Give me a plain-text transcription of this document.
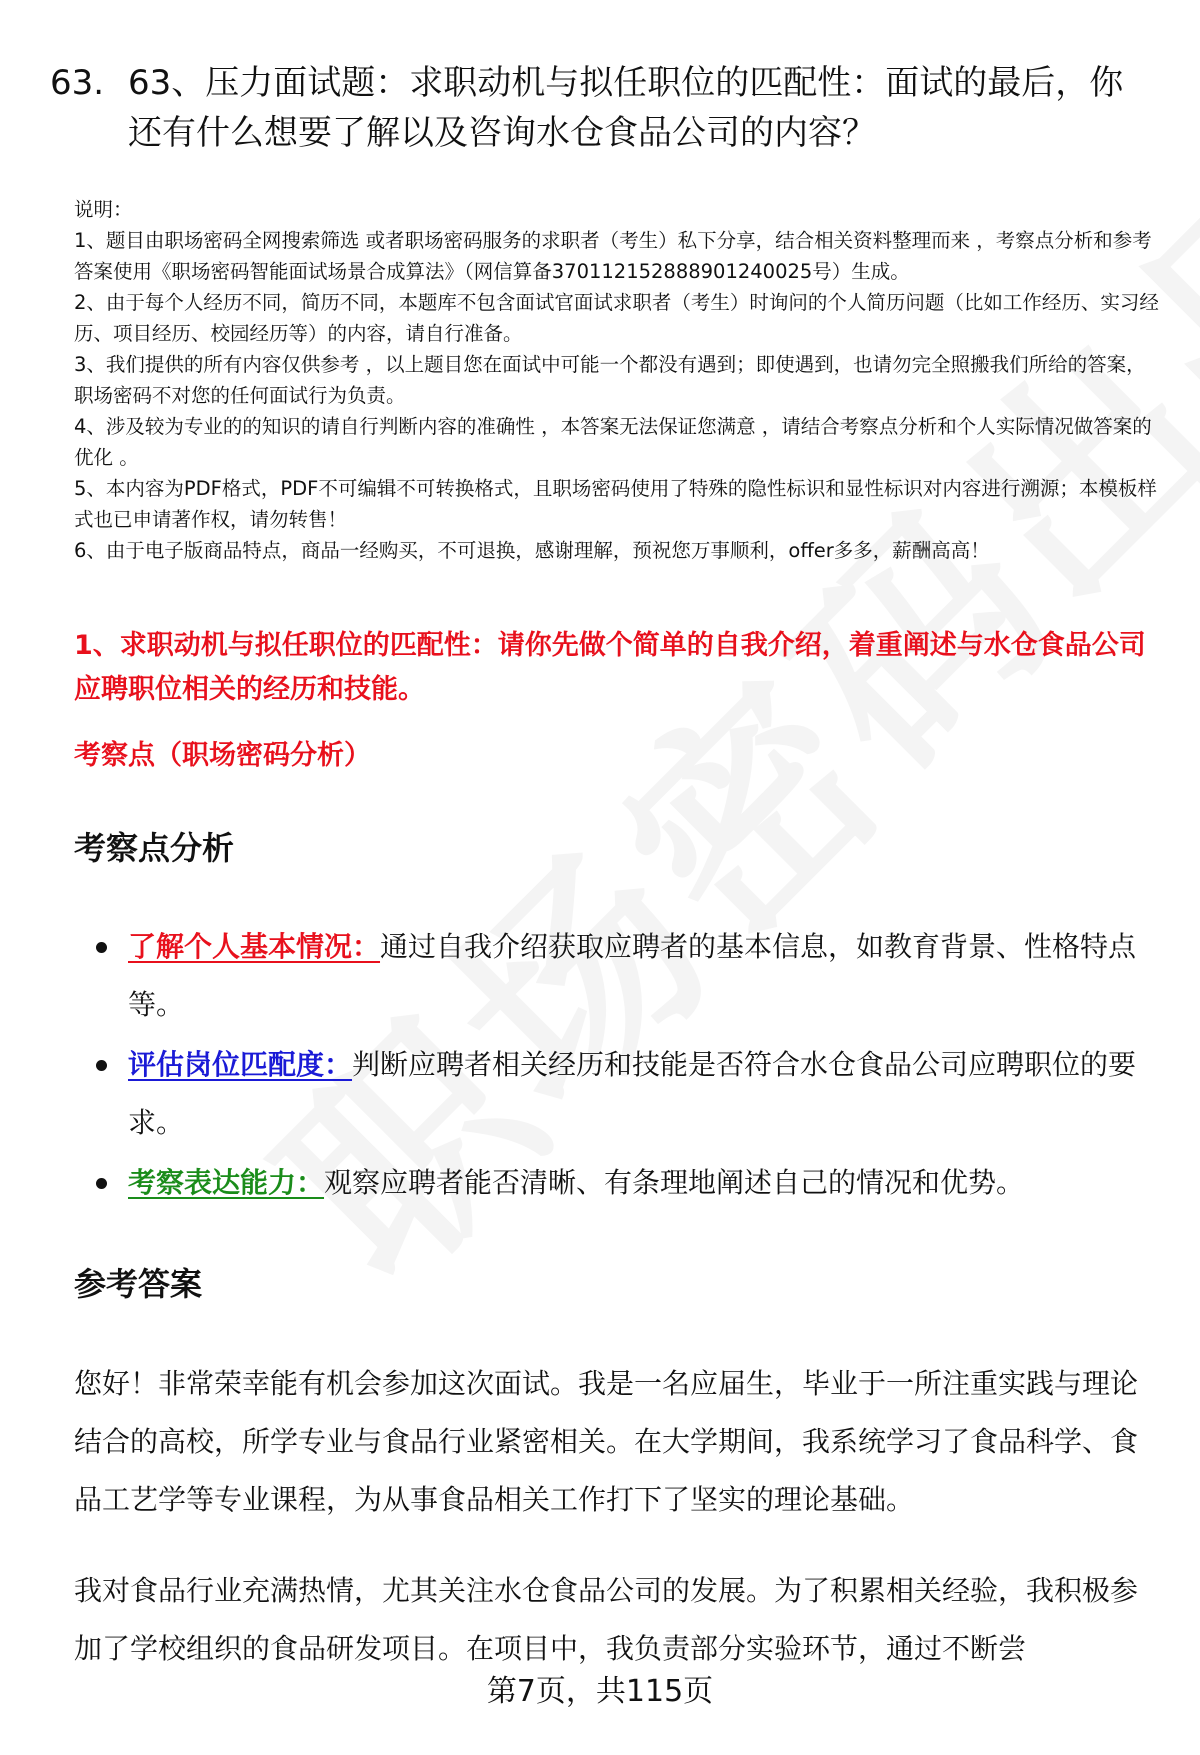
63. 63、压力面试题：求职动机与拟任职位的匹配性：面试的最后，你还有什么想要了解以及咨询水仓食品公司的内容？
说明：
1、题目由职场密码全网搜索筛选 或者职场密码服务的求职者（考生）私下分享，结合相关资料整理而来 ，考察点分析和参考答案使用《职场密码智能面试场景合成算法》（网信算备370112152888901240025号）生成。
2、由于每个人经历不同，简历不同，本题库不包含面试官面试求职者（考生）时询问的个人简历问题（比如工作经历、实习经历、项目经历、校园经历等）的内容，请自行准备。
3、我们提供的所有内容仅供参考 ，以上题目您在面试中可能一个都没有遇到；即使遇到，也请勿完全照搬我们所给的答案，职场密码不对您的任何面试行为负责。
4、涉及较为专业的的知识的请自行判断内容的准确性 ，本答案无法保证您满意 ，请结合考察点分析和个人实际情况做答案的优化 。
5、本内容为PDF格式，PDF不可编辑不可转换格式，且职场密码使用了特殊的隐性标识和显性标识对内容进行溯源；本模板样式也已申请著作权，请勿转售！
6、由于电子版商品特点，商品一经购买，不可退换，感谢理解，预祝您万事顺利，offer多多，薪酬高高！
1、求职动机与拟任职位的匹配性：请你先做个简单的自我介绍，着重阐述与水仓食品公司应聘职位相关的经历和技能。
考察点（职场密码分析）
考察点分析
了解个人基本情况：通过自我介绍获取应聘者的基本信息，如教育背景、性格特点等。
评估岗位匹配度：判断应聘者相关经历和技能是否符合水仓食品公司应聘职位的要求。
考察表达能力：观察应聘者能否清晰、有条理地阐述自己的情况和优势。
参考答案
您好！非常荣幸能有机会参加这次面试。我是一名应届生，毕业于一所注重实践与理论结合的高校，所学专业与食品行业紧密相关。在大学期间，我系统学习了食品科学、食品工艺学等专业课程，为从事食品相关工作打下了坚实的理论基础。
我对食品行业充满热情，尤其关注水仓食品公司的发展。为了积累相关经验，我积极参加了学校组织的食品研发项目。在项目中，我负责部分实验环节，通过不断尝
第7页，共115页
